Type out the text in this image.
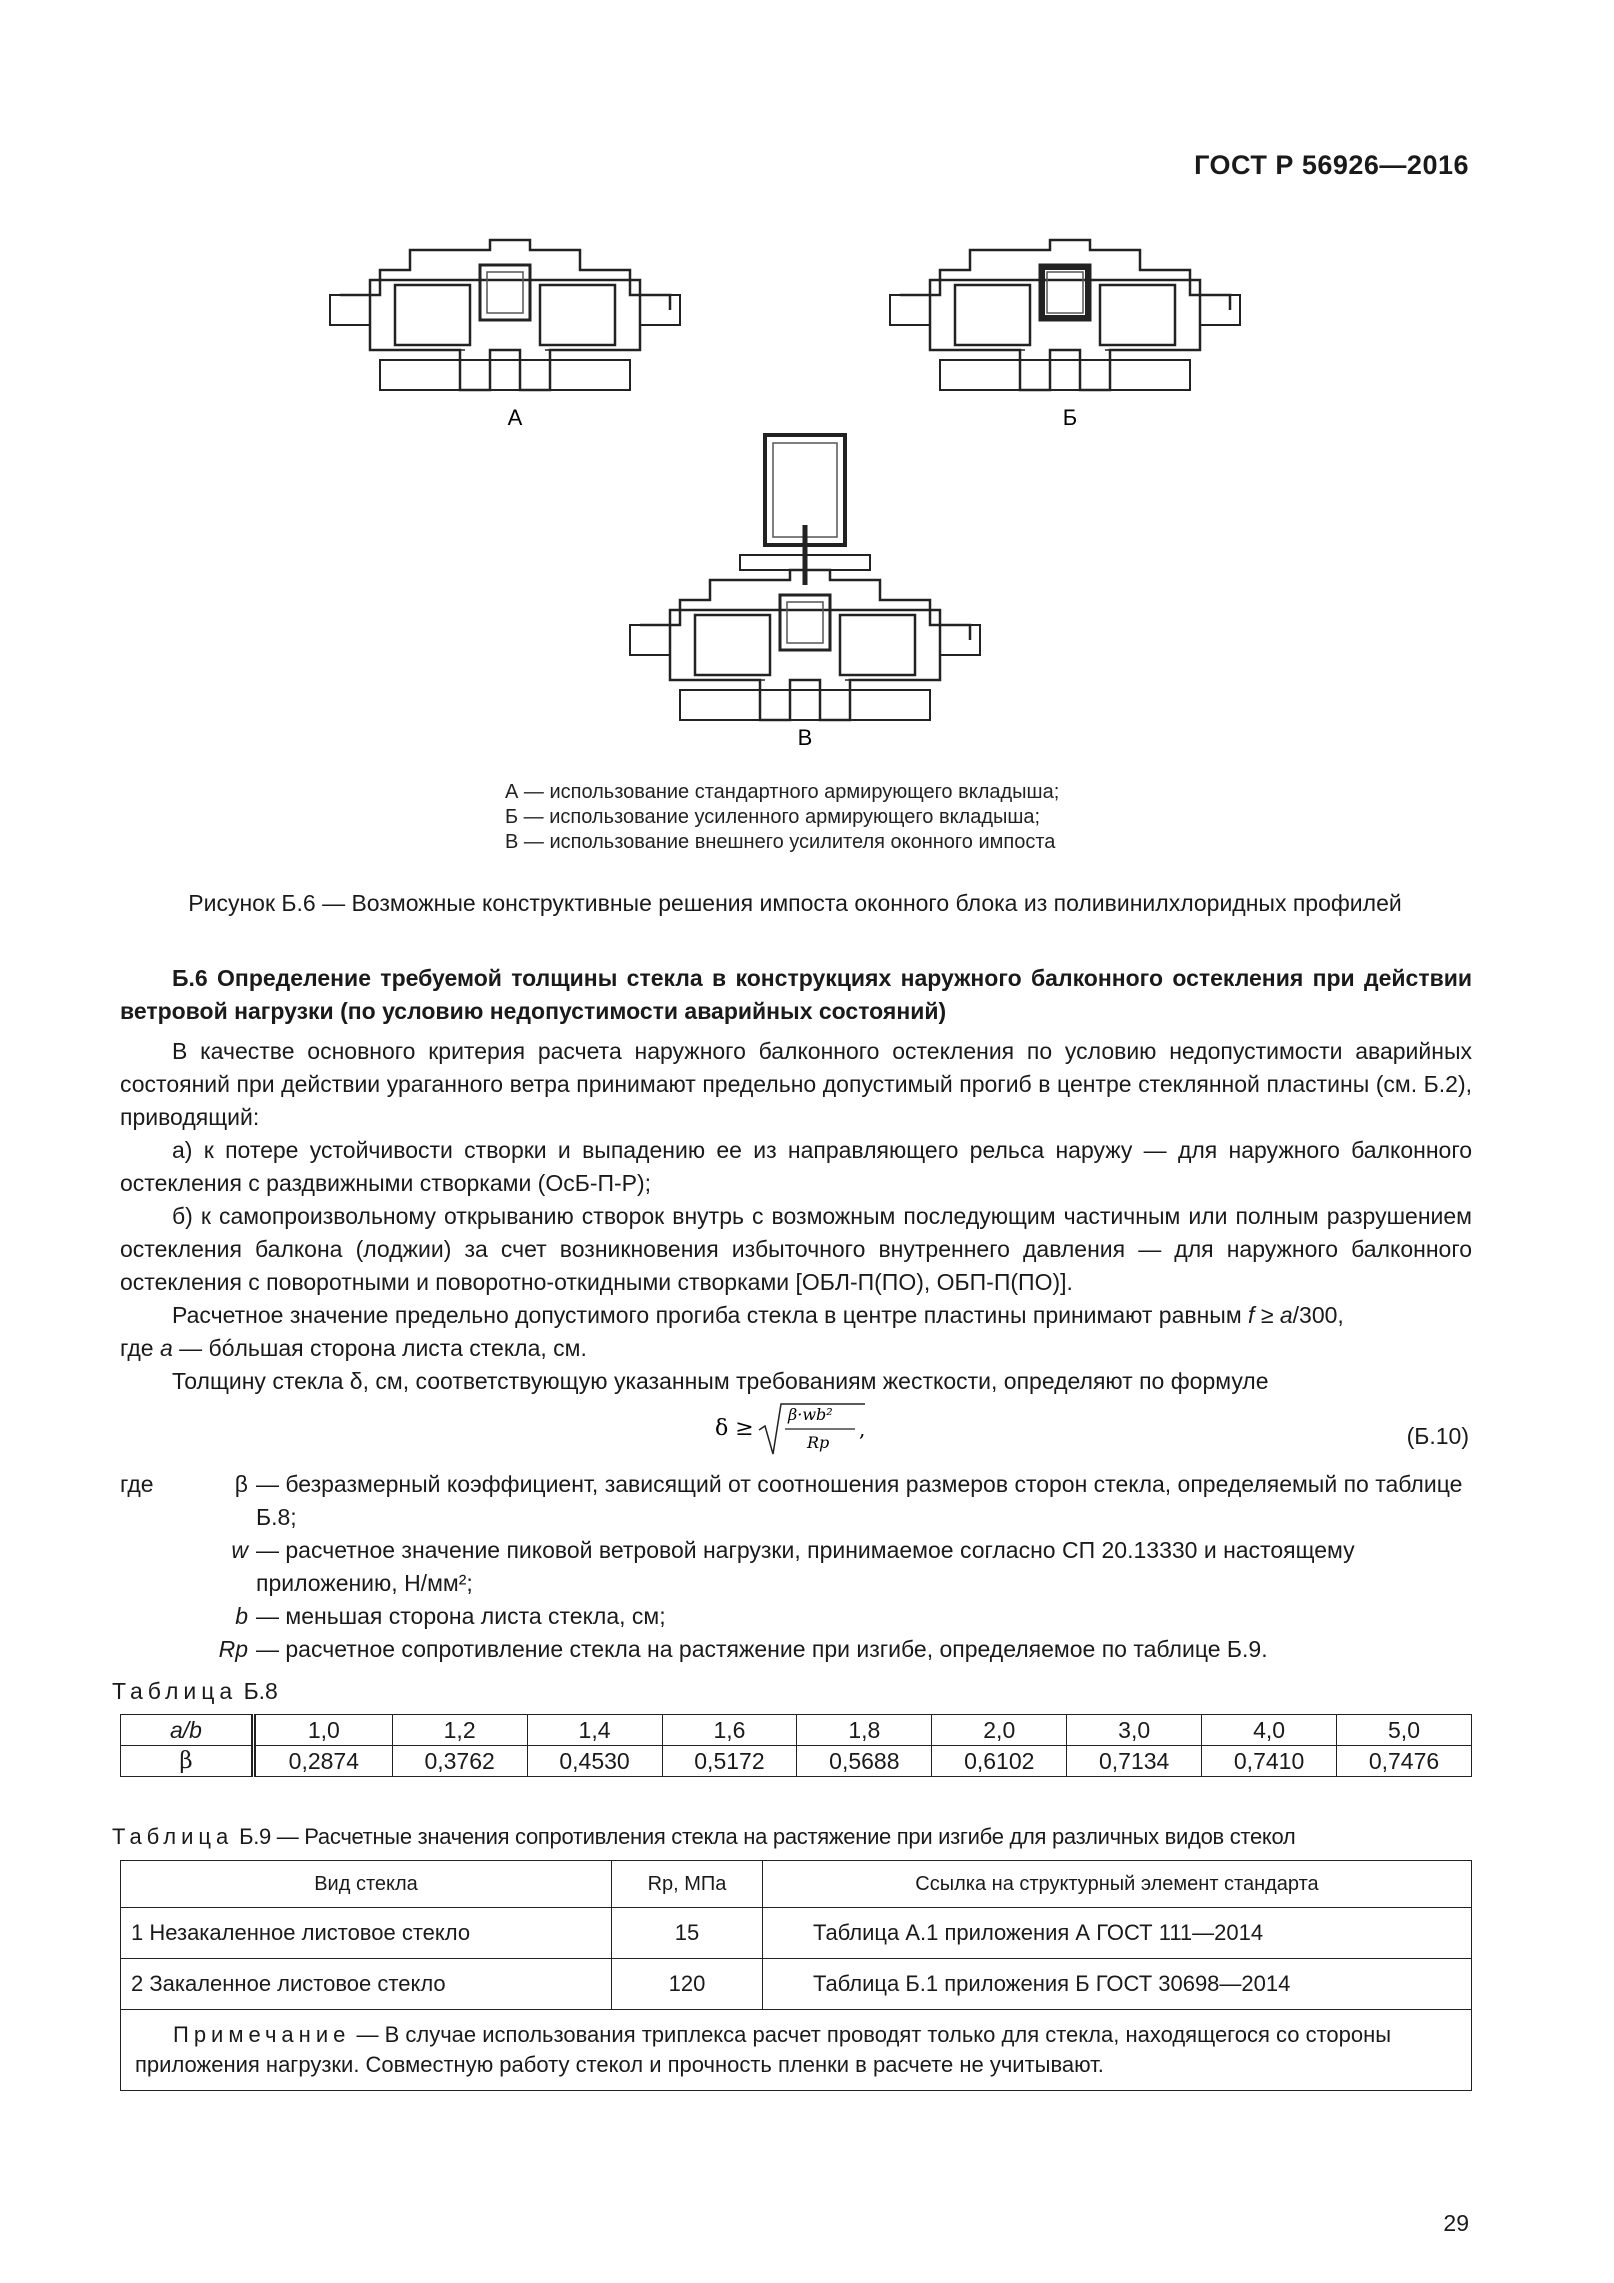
ГОСТ Р 56926—2016
А	Б
В
А — использование стандартного армирующего вкладыша;
Б — использование усиленного армирующего вкладыша;
В — использование внешнего усилителя оконного импоста
Рисунок Б.6 — Возможные конструктивные решения импоста оконного блока из поливинилхлоридных профилей
Б.6 Определение требуемой толщины стекла в конструкциях наружного балконного остекления при действии ветровой нагрузки (по условию недопустимости аварийных состояний)
В качестве основного критерия расчета наружного балконного остекления по условию недопустимости аварийных состояний при действии ураганного ветра принимают предельно допустимый прогиб в центре стеклянной пластины (см. Б.2), приводящий:
а) к потере устойчивости створки и выпадению ее из направляющего рельса наружу — для наружного балконного остекления с раздвижными створками (ОсБ-П-Р);
б) к самопроизвольному открыванию створок внутрь с возможным последующим частичным или полным разрушением остекления балкона (лоджии) за счет возникновения избыточного внутреннего давления — для наружного балконного остекления с поворотными и поворотно-откидными створками [ОБЛ-П(ПО), ОБП-П(ПО)].
Расчетное значение предельно допустимого прогиба стекла в центре пластины принимают равным f ≥ a/300,
где a — бóльшая сторона листа стекла, см.
Толщину стекла δ, см, соответствующую указанным требованиям жесткости, определяют по формуле
δ ≥
β·wb²
Rp
,	(Б.10)
где	β — безразмерный коэффициент, зависящий от соотношения размеров сторон стекла, определяемый по таблице Б.8;
w — расчетное значение пиковой ветровой нагрузки, принимаемое согласно СП 20.13330 и настоящему приложению, Н/мм²;
b — меньшая сторона листа стекла, см;
Rp — расчетное сопротивление стекла на растяжение при изгибе, определяемое по таблице Б.9.
Таблица Б.8
a/b	1,0	1,2	1,4	1,6	1,8	2,0	3,0	4,0	5,0
β	0,2874	0,3762	0,4530	0,5172	0,5688	0,6102	0,7134	0,7410	0,7476
Таблица Б.9 — Расчетные значения сопротивления стекла на растяжение при изгибе для различных видов стекол
Вид стекла	Rp, МПа	Ссылка на структурный элемент стандарта
1 Незакаленное листовое стекло	15	Таблица А.1 приложения А ГОСТ 111—2014
2 Закаленное листовое стекло	120	Таблица Б.1 приложения Б ГОСТ 30698—2014
Примечание — В случае использования триплекса расчет проводят только для стекла, находящегося со стороны приложения нагрузки. Совместную работу стекол и прочность пленки в расчете не учитывают.		
29
